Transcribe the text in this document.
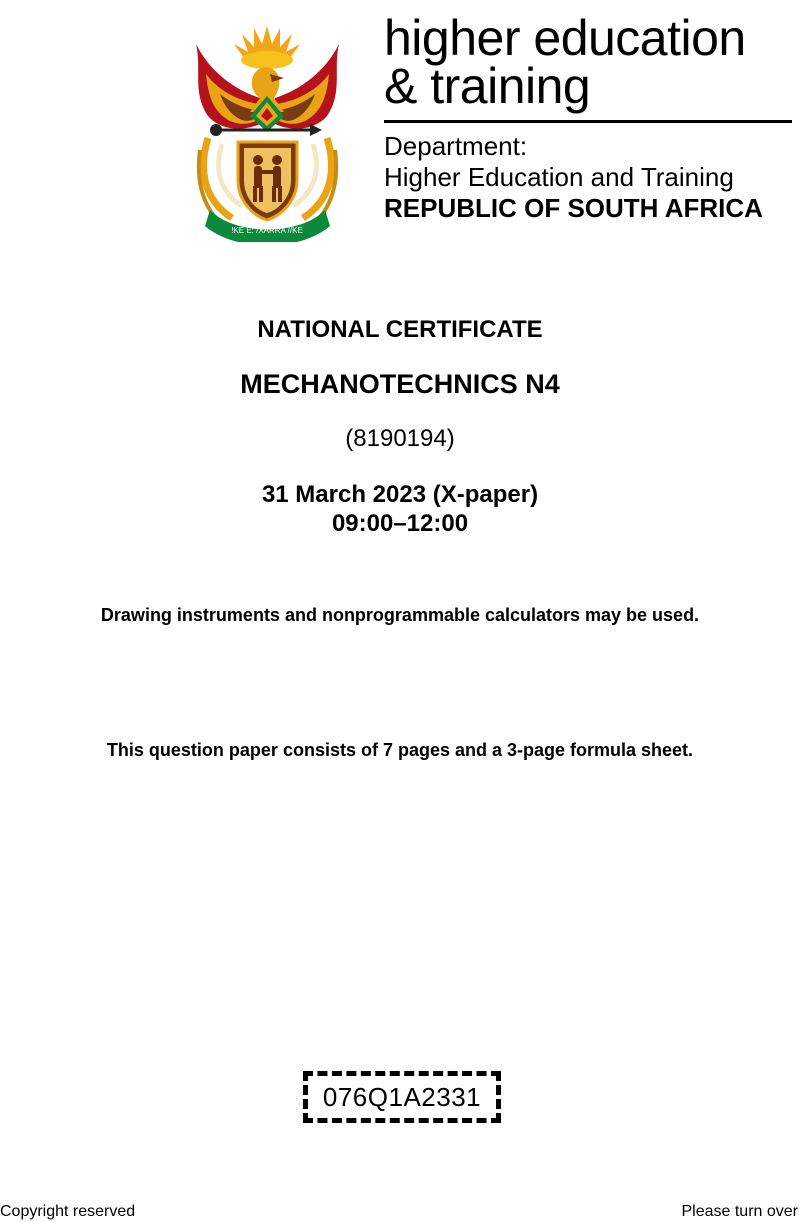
!KE E: /XARRA //KE
higher education
& training
Department:
Higher Education and Training
REPUBLIC OF SOUTH AFRICA
NATIONAL CERTIFICATE
MECHANOTECHNICS N4
(8190194)
31 March 2023 (X-paper)
09:00–12:00
Drawing instruments and nonprogrammable calculators may be used.
This question paper consists of 7 pages and a 3-page formula sheet.
076Q1A2331
Copyright reserved	Please turn over
